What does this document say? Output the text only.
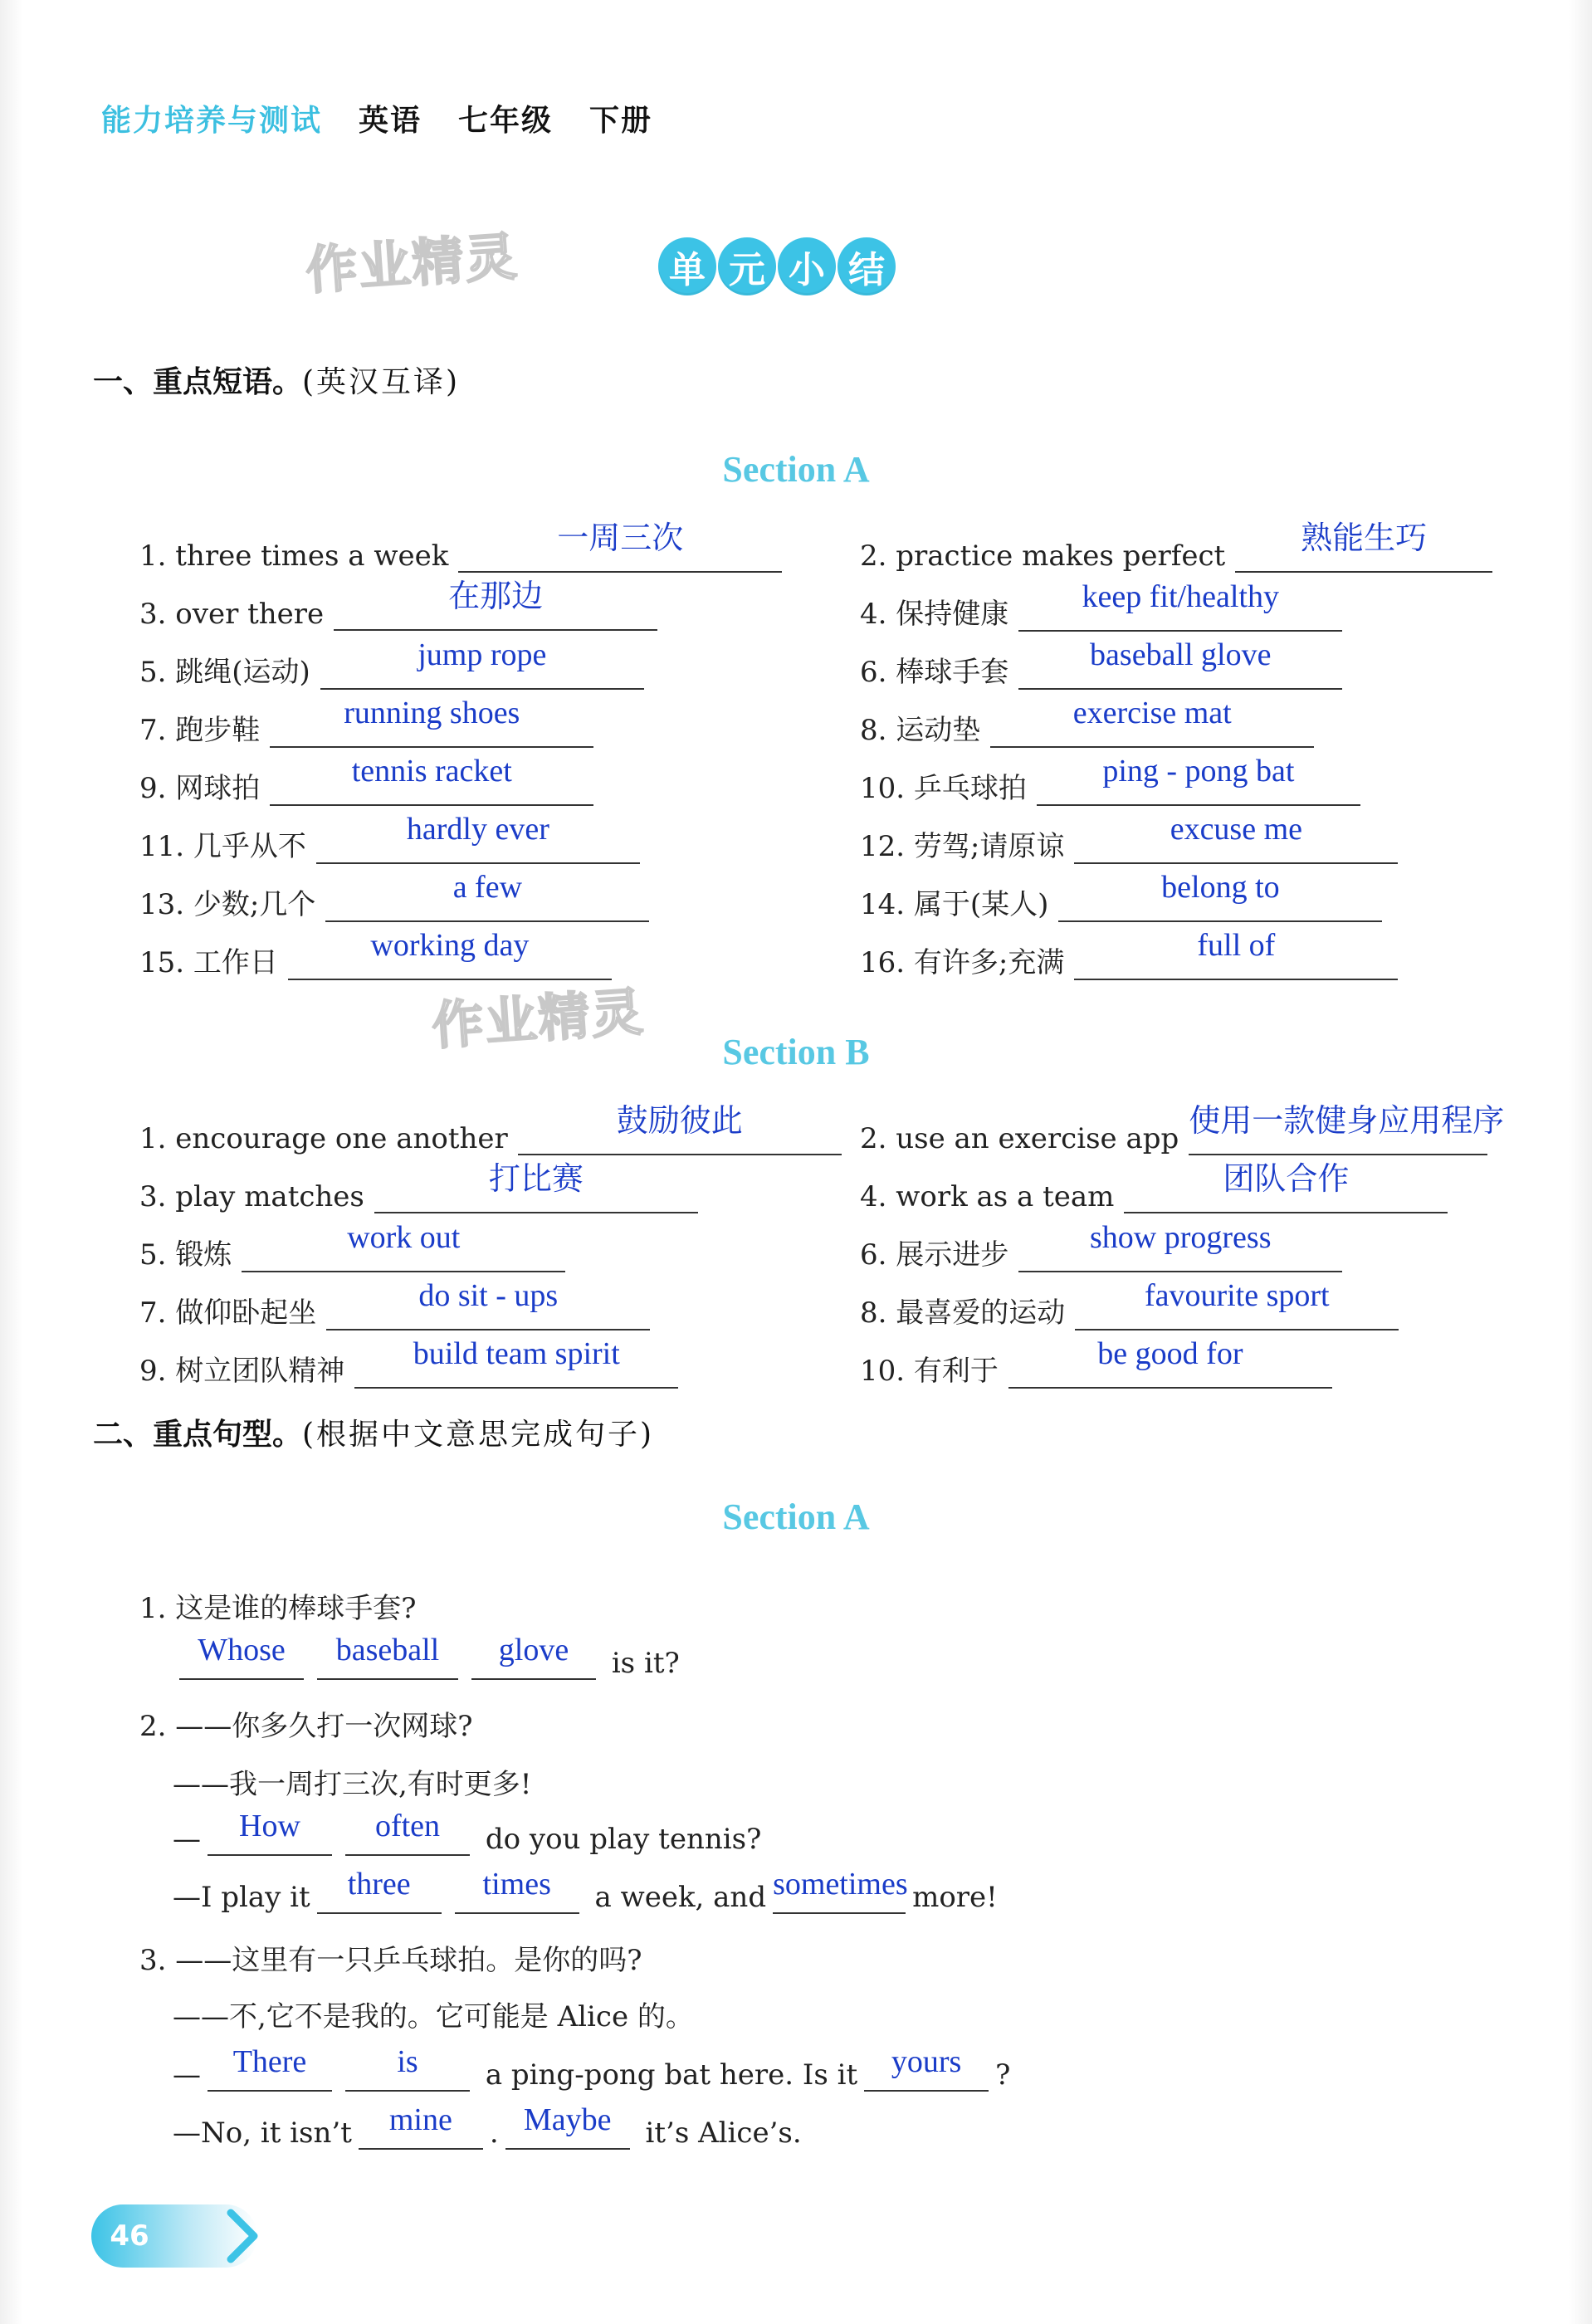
能力培养与测试 英语 七年级 下册
作业精灵
作业精灵
单 元 小 结
一、重点短语。(英汉互译)
Section A
1. three times a week	一周三次	2. practice makes perfect 熟能生巧
3. over there	在那边	4. 保持健康 keep fit/healthy
5. 跳绳(运动)	jump rope	6. 棒球手套	baseball glove
7. 跑步鞋	running shoes	8. 运动垫	exercise mat
9. 网球拍	tennis racket	10. 乒乓球拍 ping - pong bat
11. 几乎从不	hardly ever	12. 劳驾;请原谅	excuse me
13. 少数;几个	a few	14. 属于(某人)	belong to
15. 工作日	working day	16. 有许多;充满	full of
Section B
1. encourage one another	鼓励彼此	2. use an exercise app 使用一款健身应用程序
3. play matches	打比赛	4. work as a team	团队合作
5. 锻炼	work out	6. 展示进步	show progress
7. 做仰卧起坐	do sit - ups	8. 最喜爱的运动	favourite sport
9. 树立团队精神 build team spirit	10. 有利于	be good for
二、重点句型。(根据中文意思完成句子)
Section A
1. 这是谁的棒球手套?
Whose baseball glove is it?
2. ——你多久打一次网球?
——我一周打三次,有时更多!
— How often do you play tennis?
—I play it three times a week, and sometimes more!
3. ——这里有一只乒乓球拍。是你的吗?
——不,它不是我的。它可能是 Alice 的。
— There	is a ping-pong bat here. Is it yours ?
—No, it isn’t mine . Maybe it’s Alice’s.
46
